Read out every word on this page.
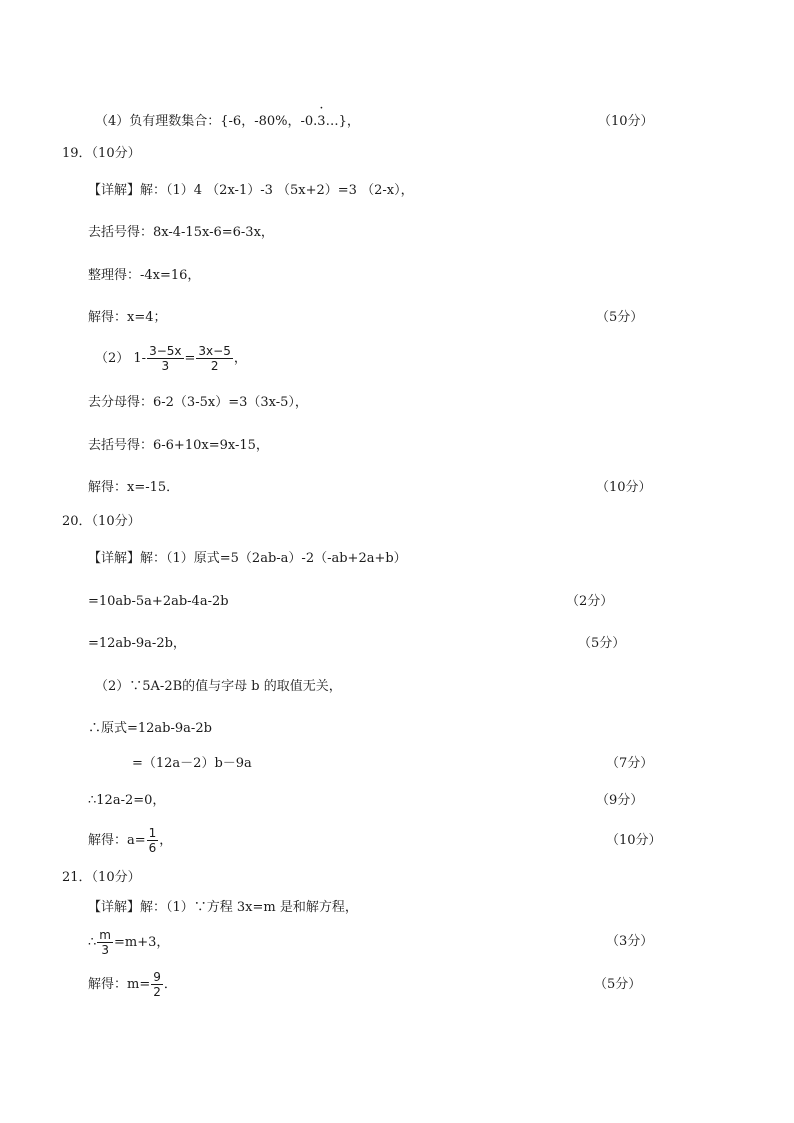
（4）负有理数集合：{-6，-80%，-0.
·
3…}，	（10分）
19．（10分）
【详解】解：（1）4 （2x-1）-3 （5x+2）=3 （2-x），
去括号得：8x-4-15x-6=6-3x，
整理得：-4x=16，
解得：x=4；	（5分）
（2） $1- \frac{3-5x}{3} = \frac{3x-5}{2}$ ，
去分母得：6-2（3-5x）=3（3x-5），
去括号得：6-6+10x=9x-15，
解得：x=-15．	（10分）
20．（10分）
【详解】解：（1）原式=5（2ab-a）-2（-ab+2a+b）
=10ab-5a+2ab-4a-2b	（2分）
=12ab-9a-2b，	（5分）
（2）∵5A-2B的值与字母 b 的取值无关，
∴原式=12ab-9a-2b
=（12a－2）b－9a	（7分）
∴12a-2=0，	（9分）
解得：$a= \frac{1}{6}$ ，	（10分）
21．（10分）
【详解】解：（1）∵方程 3x=m 是和解方程，
∴ $\frac{m}{3} =m+3$，	（3分）
解得：$m= \frac{9}{2}$ ．	（5分）
